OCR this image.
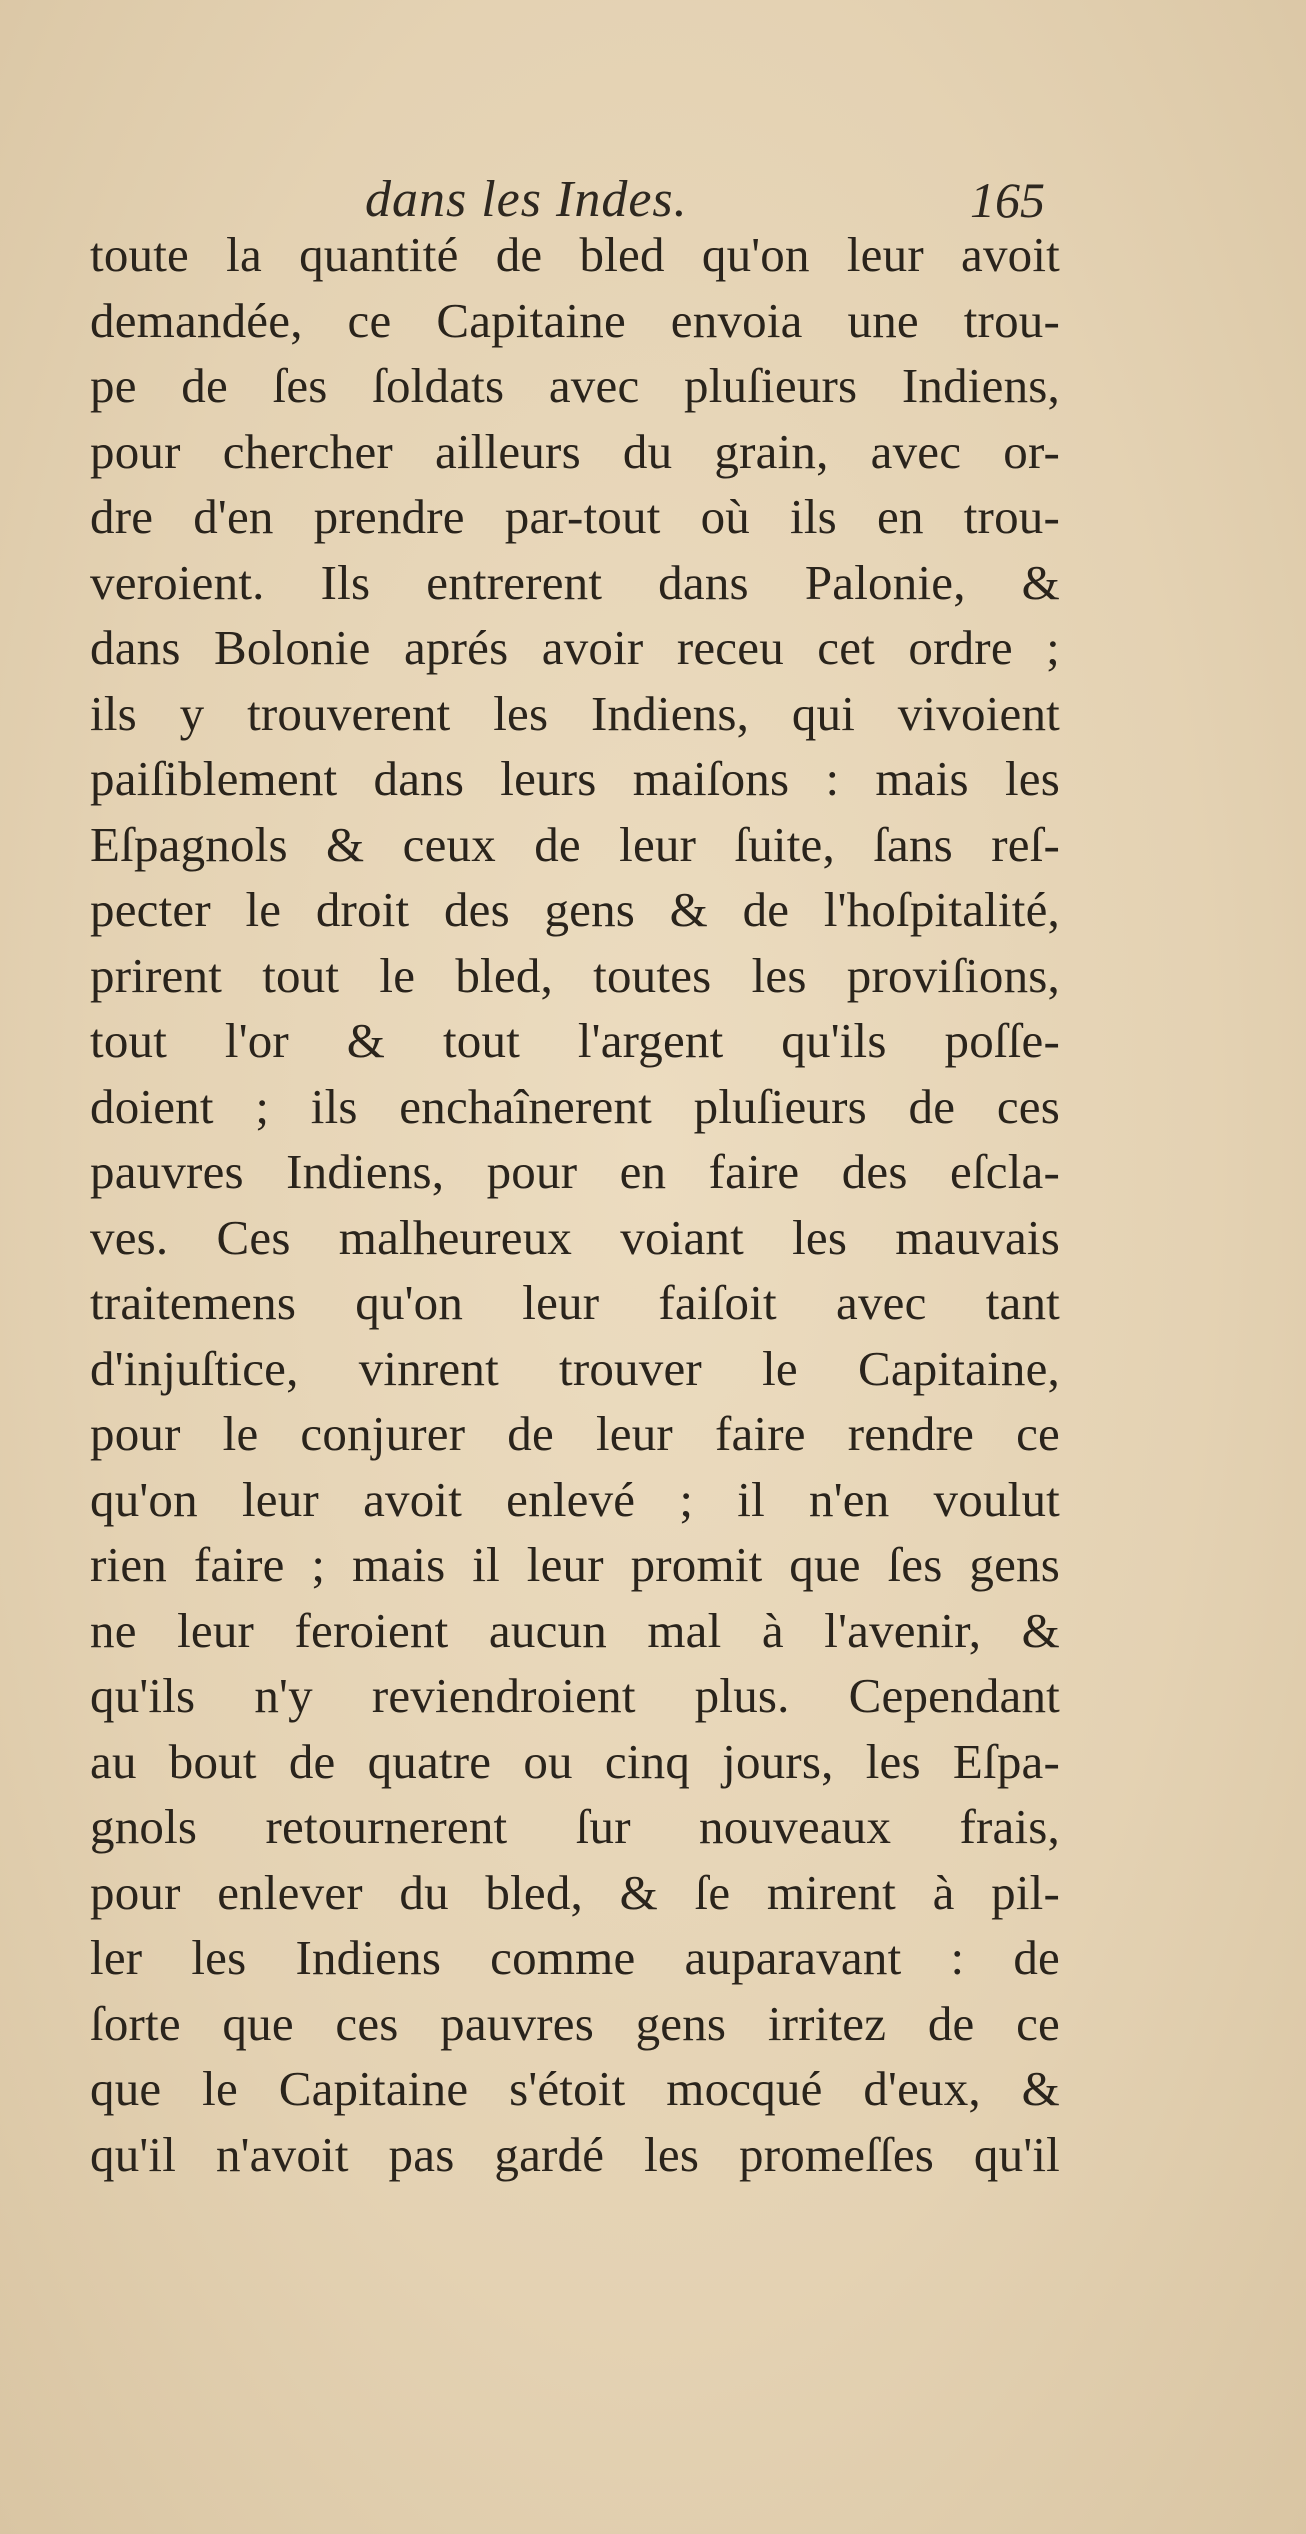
dans les Indes.	165
toute la quantité de bled qu'on leur avoit
demandée, ce Capitaine envoia une trou-
pe de ſes ſoldats avec pluſieurs Indiens,
pour chercher ailleurs du grain, avec or-
dre d'en prendre par-tout où ils en trou-
veroient. Ils entrerent dans Palonie, &
dans Bolonie aprés avoir receu cet ordre ;
ils y trouverent les Indiens, qui vivoient
paiſiblement dans leurs maiſons : mais les
Eſpagnols & ceux de leur ſuite, ſans reſ-
pecter le droit des gens & de l'hoſpitalité,
prirent tout le bled, toutes les proviſions,
tout l'or & tout l'argent qu'ils poſſe-
doient ; ils enchaînerent pluſieurs de ces
pauvres Indiens, pour en faire des eſcla-
ves. Ces malheureux voiant les mauvais
traitemens qu'on leur faiſoit avec tant
d'injuſtice, vinrent trouver le Capitaine,
pour le conjurer de leur faire rendre ce
qu'on leur avoit enlevé ; il n'en voulut
rien faire ; mais il leur promit que ſes gens
ne leur feroient aucun mal à l'avenir, &
qu'ils n'y reviendroient plus. Cependant
au bout de quatre ou cinq jours, les Eſpa-
gnols retournerent ſur nouveaux frais,
pour enlever du bled, & ſe mirent à pil-
ler les Indiens comme auparavant : de
ſorte que ces pauvres gens irritez de ce
que le Capitaine s'étoit mocqué d'eux, &
qu'il n'avoit pas gardé les promeſſes qu'il
